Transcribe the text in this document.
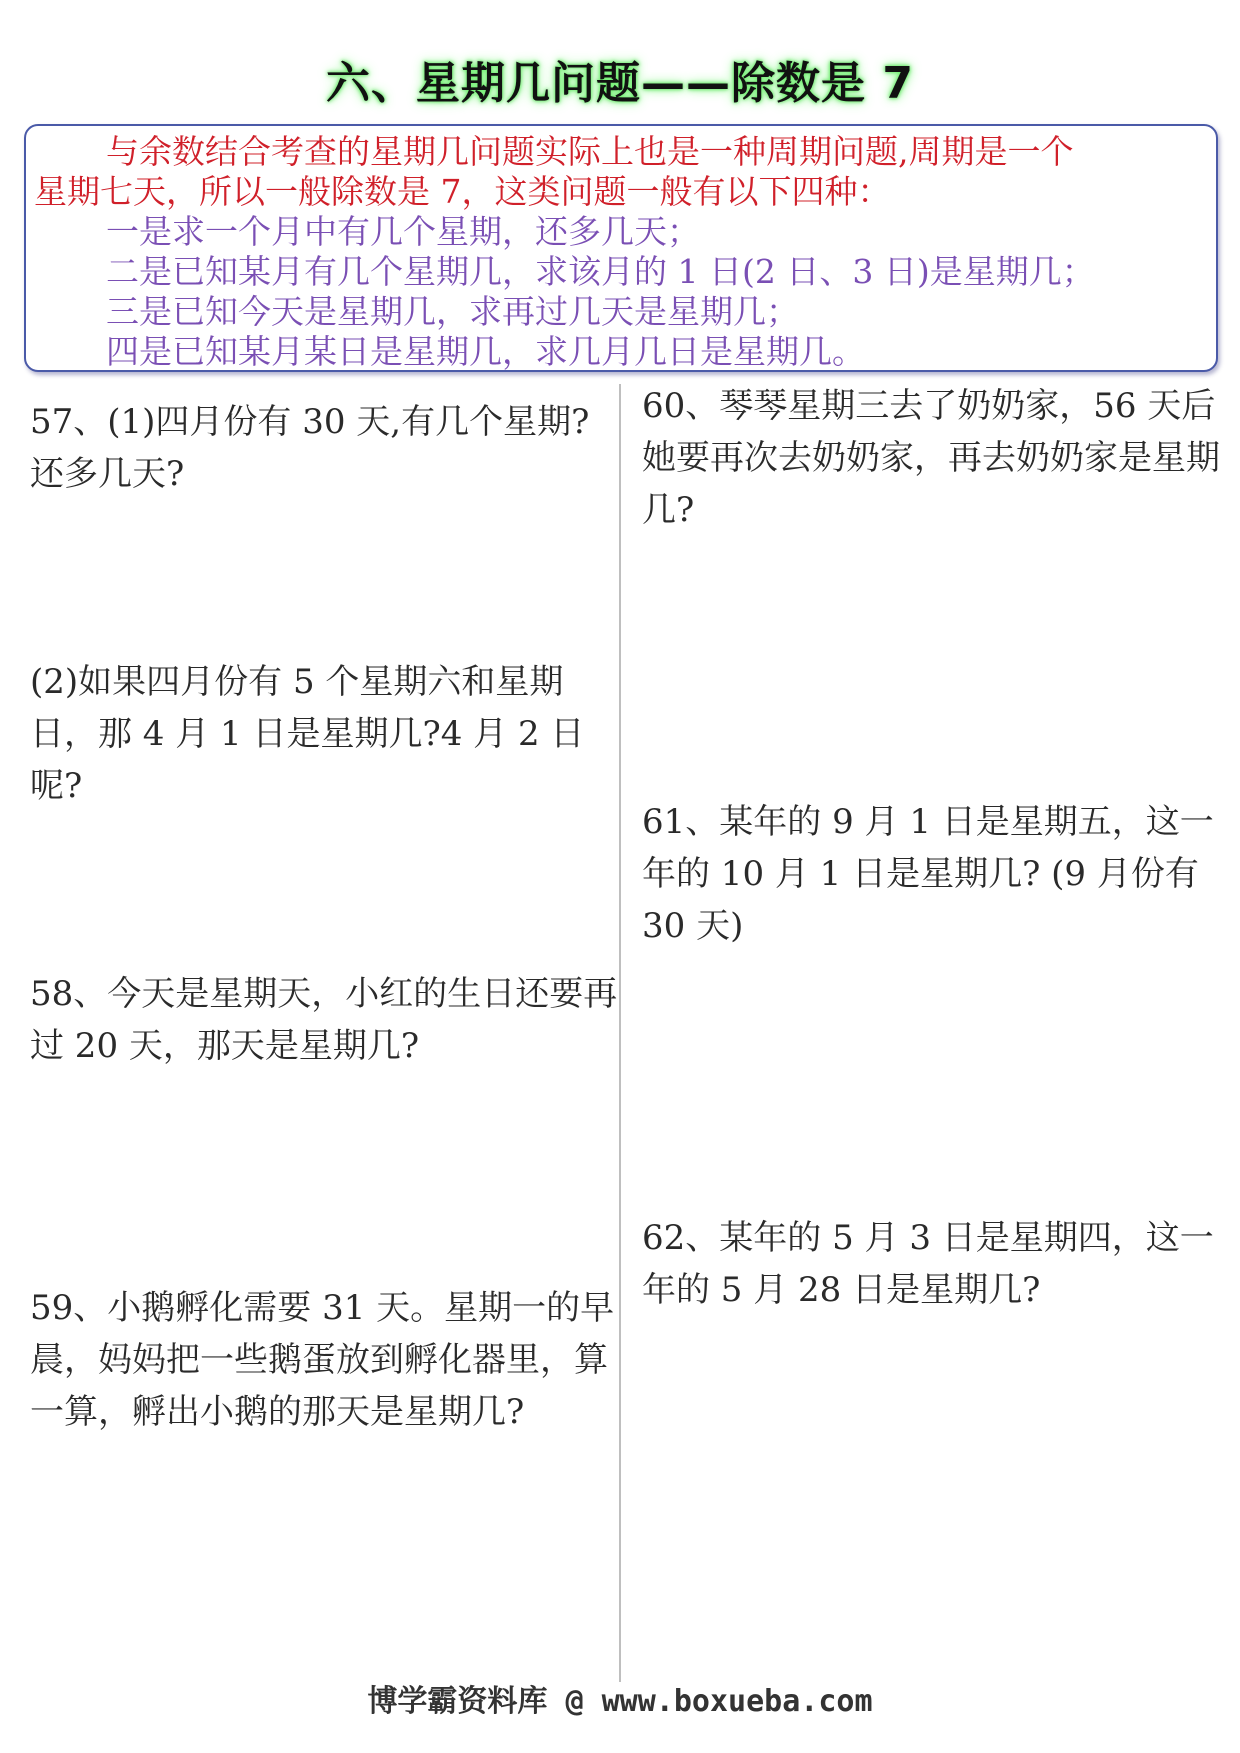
六、星期几问题——除数是 7

与余数结合考查的星期几问题实际上也是一种周期问题,周期是一个

星期七天，所以一般除数是 7，这类问题一般有以下四种：

一是求一个月中有几个星期，还多几天；

二是已知某月有几个星期几，求该月的 1 日(2 日、3 日)是星期几；

三是已知今天是星期几，求再过几天是星期几；

四是已知某月某日是星期几，求几月几日是星期几。

57、(1)四月份有 30 天,有几个星期?还多几天?

(2)如果四月份有 5 个星期六和星期日，那 4 月 1 日是星期几?4 月 2 日呢?

58、今天是星期天，小红的生日还要再过 20 天，那天是星期几?

59、小鹅孵化需要 31 天。星期一的早晨，妈妈把一些鹅蛋放到孵化器里，算一算，孵出小鹅的那天是星期几?

60、琴琴星期三去了奶奶家，56 天后她要再次去奶奶家，再去奶奶家是星期几?

61、某年的 9 月 1 日是星期五，这一年的 10 月 1 日是星期几? (9 月份有 30 天)

62、某年的 5 月 3 日是星期四，这一年的 5 月 28 日是星期几?

博学霸资料库 @ www.boxueba.com
